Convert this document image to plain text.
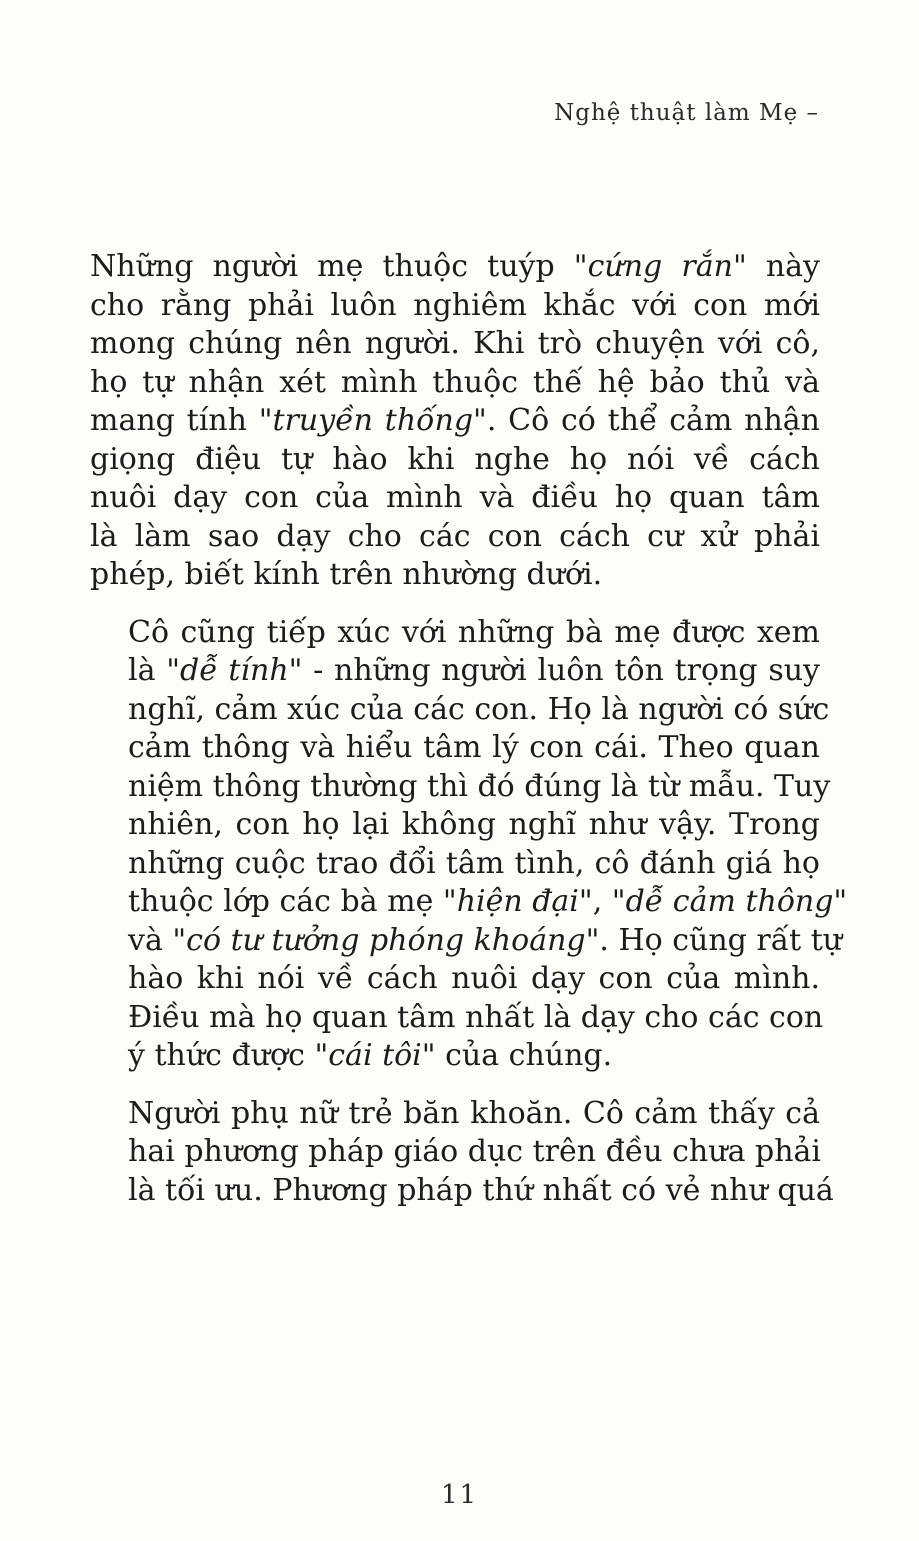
Nghệ thuật làm Mẹ –
Những người mẹ thuộc tuýp "cứng rắn" này
cho rằng phải luôn nghiêm khắc với con mới
mong chúng nên người. Khi trò chuyện với cô,
họ tự nhận xét mình thuộc thế hệ bảo thủ và
mang tính "truyền thống". Cô có thể cảm nhận
giọng điệu tự hào khi nghe họ nói về cách
nuôi dạy con của mình và điều họ quan tâm
là làm sao dạy cho các con cách cư xử phải
phép, biết kính trên nhường dưới.
Cô cũng tiếp xúc với những bà mẹ được xem
là "dễ tính" - những người luôn tôn trọng suy
nghĩ, cảm xúc của các con. Họ là người có sức
cảm thông và hiểu tâm lý con cái. Theo quan
niệm thông thường thì đó đúng là từ mẫu. Tuy
nhiên, con họ lại không nghĩ như vậy. Trong
những cuộc trao đổi tâm tình, cô đánh giá họ
thuộc lớp các bà mẹ "hiện đại", "dễ cảm thông"
và "có tư tưởng phóng khoáng". Họ cũng rất tự
hào khi nói về cách nuôi dạy con của mình.
Điều mà họ quan tâm nhất là dạy cho các con
ý thức được "cái tôi" của chúng.
Người phụ nữ trẻ băn khoăn. Cô cảm thấy cả
hai phương pháp giáo dục trên đều chưa phải
là tối ưu. Phương pháp thứ nhất có vẻ như quá
11
